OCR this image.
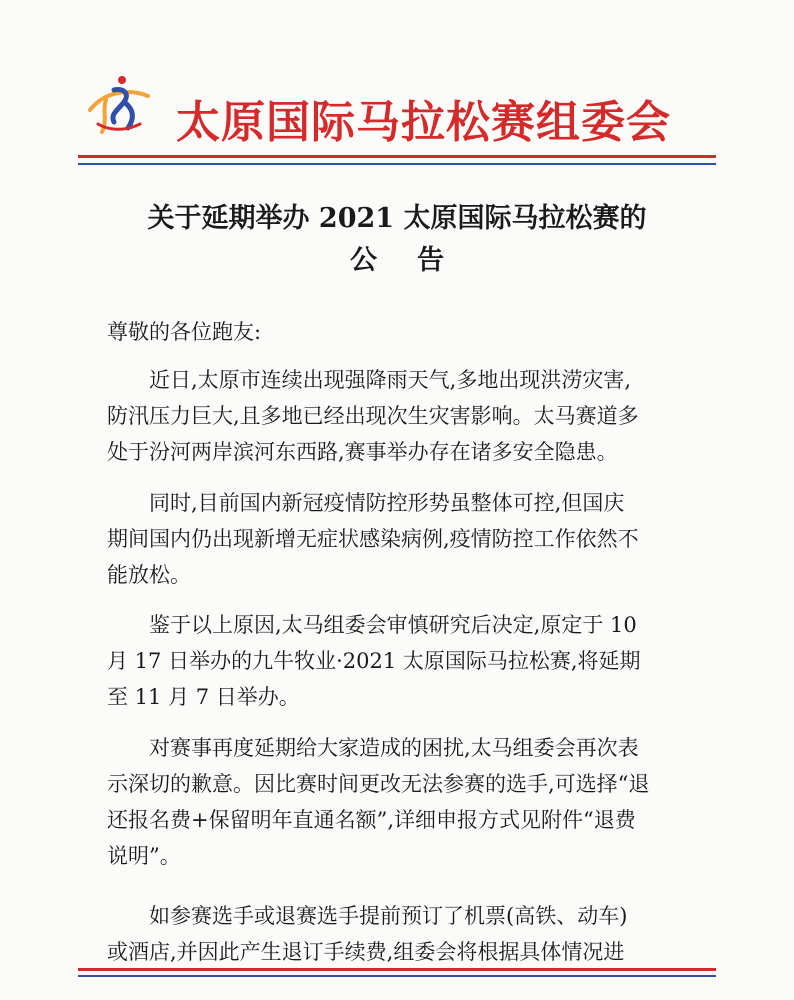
太原国际马拉松赛组委会
关于延期举办 2021 太原国际马拉松赛的
公告

尊敬的各位跑友:

近日,太原市连续出现强降雨天气,多地出现洪涝灾害,
防汛压力巨大,且多地已经出现次生灾害影响。太马赛道多
处于汾河两岸滨河东西路,赛事举办存在诸多安全隐患。

同时,目前国内新冠疫情防控形势虽整体可控,但国庆
期间国内仍出现新增无症状感染病例,疫情防控工作依然不
能放松。

鉴于以上原因,太马组委会审慎研究后决定,原定于 10
月 17 日举办的九牛牧业·2021 太原国际马拉松赛,将延期
至 11 月 7 日举办。

对赛事再度延期给大家造成的困扰,太马组委会再次表
示深切的歉意。因比赛时间更改无法参赛的选手,可选择“退
还报名费+保留明年直通名额”,详细申报方式见附件“退费
说明”。

如参赛选手或退赛选手提前预订了机票(高铁、动车)
或酒店,并因此产生退订手续费,组委会将根据具体情况进
